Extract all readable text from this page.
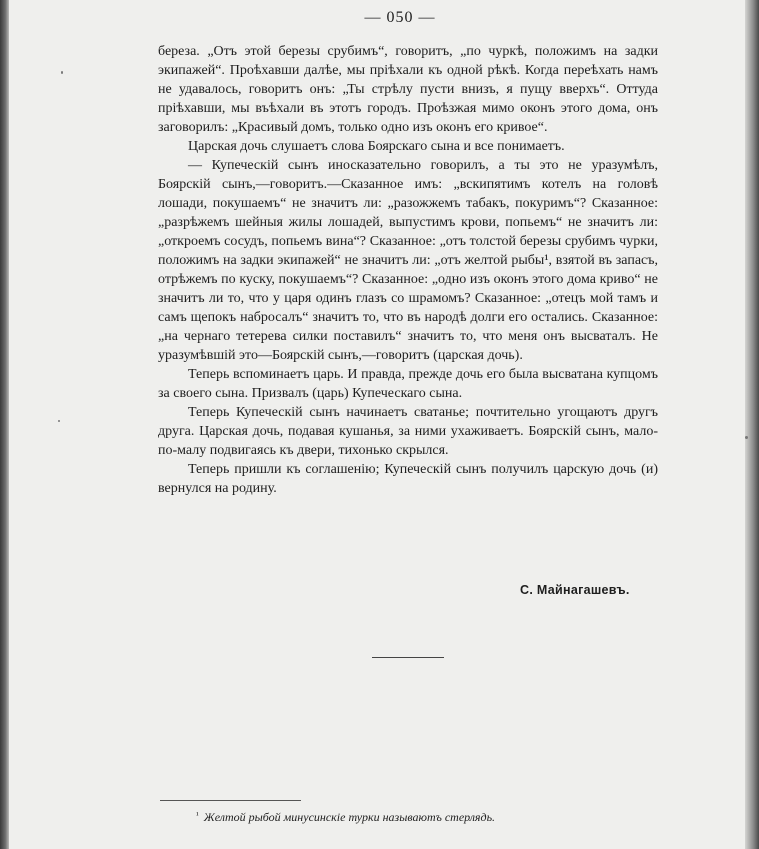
— 050 —

береза. „Отъ этой березы срубимъ“, говоритъ, „по чуркѣ, положимъ на задки экипажей“. Проѣхавши далѣе, мы пріѣхали къ одной рѣкѣ. Когда переѣхать намъ не удавалось, говоритъ онъ: „Ты стрѣлу пусти внизъ, я пущу вверхъ“. Оттуда пріѣхавши, мы въѣхали въ этотъ городъ. Проѣзжая мимо оконъ этого дома, онъ заговорилъ: „Красивый домъ, только одно изъ оконъ его кривое“.

Царская дочь слушаетъ слова Боярскаго сына и все понимаетъ.

— Купеческій сынъ иносказательно говорилъ, а ты это не уразумѣлъ, Боярскій сынъ,—говоритъ.—Сказанное имъ: „вскипятимъ котелъ на головѣ лошади, покушаемъ“ не значитъ ли: „разожжемъ табакъ, покуримъ“? Сказанное: „разрѣжемъ шейныя жилы лошадей, выпустимъ крови, попьемъ“ не значитъ ли: „откроемъ сосудъ, попьемъ вина“? Сказанное: „отъ толстой березы срубимъ чурки, положимъ на задки экипажей“ не значитъ ли: „отъ желтой рыбы¹, взятой въ запасъ, отрѣжемъ по куску, покушаемъ“? Сказанное: „одно изъ оконъ этого дома криво“ не значитъ ли то, что у царя одинъ глазъ со шрамомъ? Сказанное: „отецъ мой тамъ и самъ щепокъ набросалъ“ значитъ то, что въ народѣ долги его остались. Сказанное: „на чернаго тетерева силки поставилъ“ значитъ то, что меня онъ высваталъ. Не уразумѣвшій это—Боярскій сынъ,—говоритъ (царская дочь).

Теперь вспоминаетъ царь. И правда, прежде дочь его была высватана купцомъ за своего сына. Призвалъ (царь) Купеческаго сына.

Теперь Купеческій сынъ начинаетъ сватанье; почтительно угощаютъ другъ друга. Царская дочь, подавая кушанья, за ними ухаживаетъ. Боярскій сынъ, мало-по-малу подвигаясь къ двери, тихонько скрылся.

Теперь пришли къ соглашенію; Купеческій сынъ получилъ царскую дочь (и) вернулся на родину.

С. Майнагашевъ.
$^{^1}$ Желтой рыбой минусинскіе турки называютъ стерлядь.
